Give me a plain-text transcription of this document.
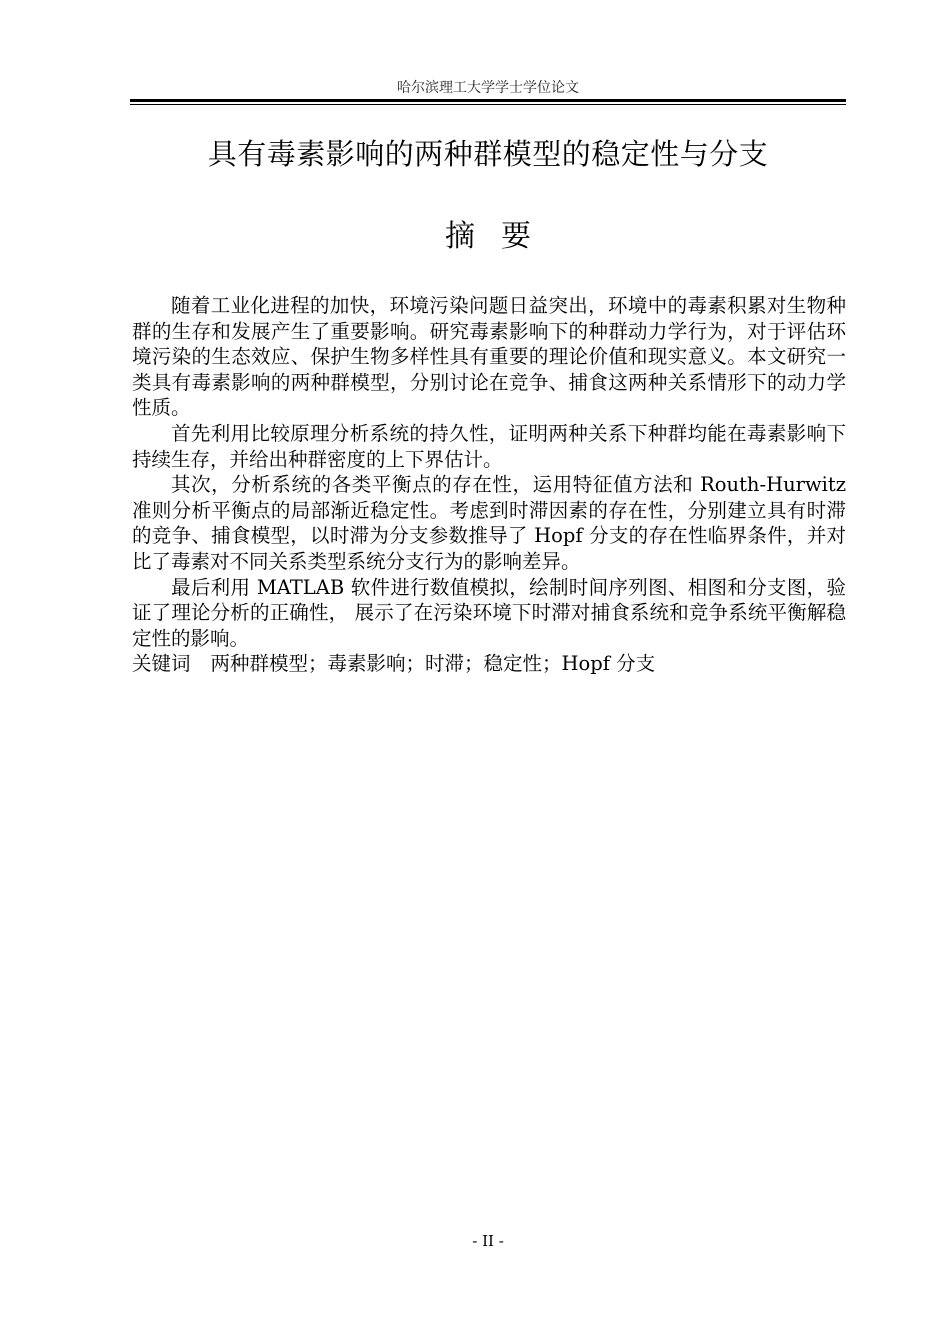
哈尔滨理工大学学士学位论文
具有毒素影响的两种群模型的稳定性与分支
摘要

随着工业化进程的加快，环境污染问题日益突出，环境中的毒素积累对生物种群的生存和发展产生了重要影响。研究毒素影响下的种群动力学行为，对于评估环境污染的生态效应、保护生物多样性具有重要的理论价值和现实意义。本文研究一类具有毒素影响的两种群模型，分别讨论在竞争、捕食这两种关系情形下的动力学性质。

首先利用比较原理分析系统的持久性，证明两种关系下种群均能在毒素影响下持续生存，并给出种群密度的上下界估计。

其次，分析系统的各类平衡点的存在性，运用特征值方法和 Routh-Hurwitz 准则分析平衡点的局部渐近稳定性。考虑到时滞因素的存在性，分别建立具有时滞的竞争、捕食模型，以时滞为分支参数推导了 Hopf 分支的存在性临界条件，并对比了毒素对不同关系类型系统分支行为的影响差异。

最后利用 MATLAB 软件进行数值模拟，绘制时间序列图、相图和分支图，验证了理论分析的正确性， 展示了在污染环境下时滞对捕食系统和竞争系统平衡解稳定性的影响。

关键词 两种群模型；毒素影响；时滞；稳定性；Hopf 分支
- II -
